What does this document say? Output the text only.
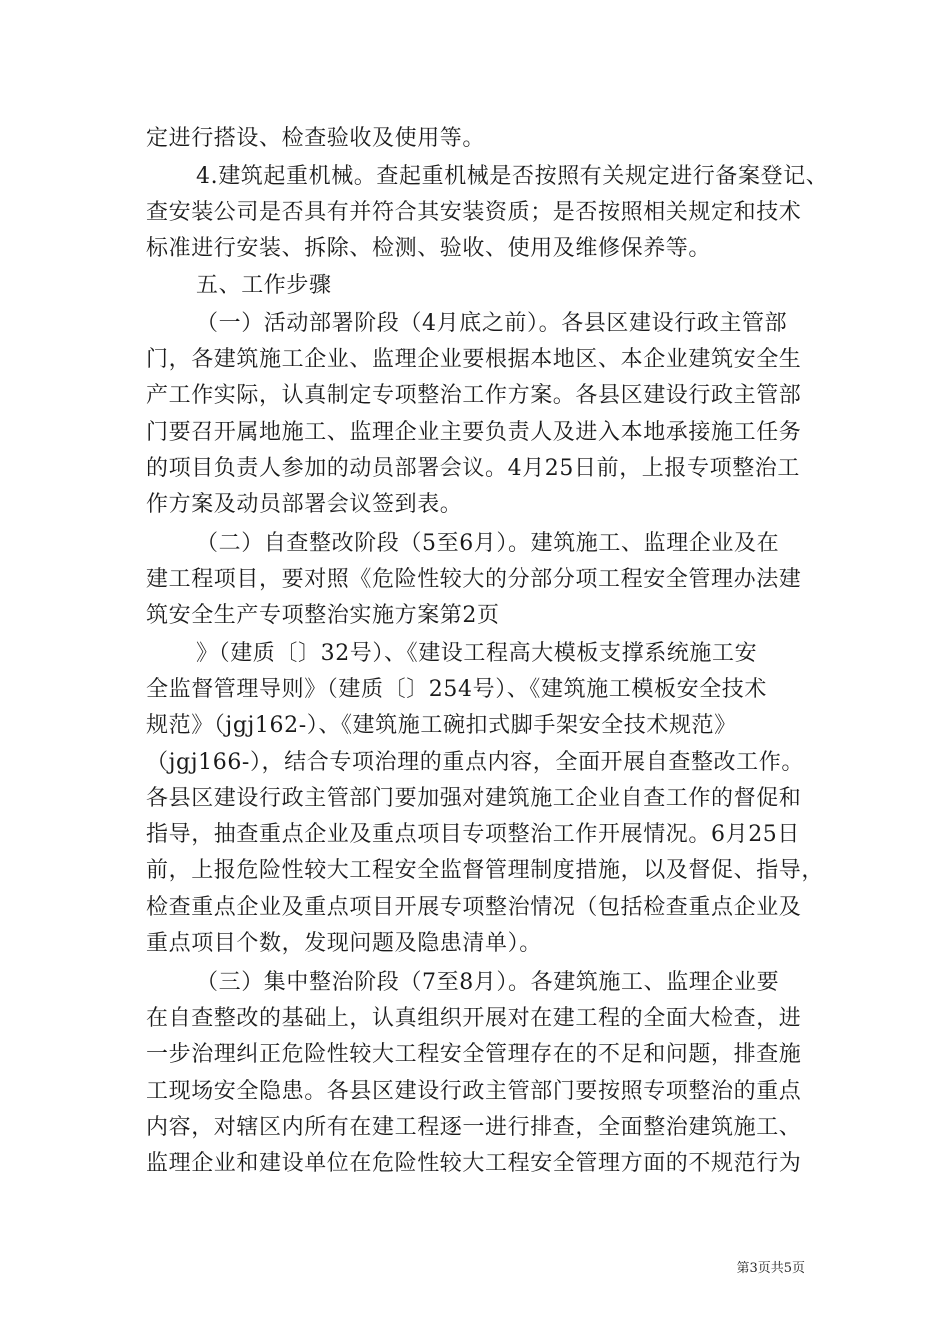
定进行搭设、检查验收及使用等。
4.建筑起重机械。查起重机械是否按照有关规定进行备案登记、
查安装公司是否具有并符合其安装资质；是否按照相关规定和技术
标准进行安装、拆除、检测、验收、使用及维修保养等。
五、工作步骤
（一）活动部署阶段（4月底之前）。各县区建设行政主管部
门，各建筑施工企业、监理企业要根据本地区、本企业建筑安全生
产工作实际，认真制定专项整治工作方案。各县区建设行政主管部
门要召开属地施工、监理企业主要负责人及进入本地承接施工任务
的项目负责人参加的动员部署会议。4月25日前，上报专项整治工
作方案及动员部署会议签到表。
（二）自查整改阶段（5至6月）。建筑施工、监理企业及在
建工程项目，要对照《危险性较大的分部分项工程安全管理办法建
筑安全生产专项整治实施方案第2页
》（建质〔〕32号）、《建设工程高大模板支撑系统施工安
全监督管理导则》（建质〔〕254号）、《建筑施工模板安全技术
规范》（jgj162-）、《建筑施工碗扣式脚手架安全技术规范》
（jgj166-），结合专项治理的重点内容，全面开展自查整改工作。
各县区建设行政主管部门要加强对建筑施工企业自查工作的督促和
指导，抽查重点企业及重点项目专项整治工作开展情况。6月25日
前，上报危险性较大工程安全监督管理制度措施，以及督促、指导，
检查重点企业及重点项目开展专项整治情况（包括检查重点企业及
重点项目个数，发现问题及隐患清单）。
（三）集中整治阶段（7至8月）。各建筑施工、监理企业要
在自查整改的基础上，认真组织开展对在建工程的全面大检查，进
一步治理纠正危险性较大工程安全管理存在的不足和问题，排查施
工现场安全隐患。各县区建设行政主管部门要按照专项整治的重点
内容，对辖区内所有在建工程逐一进行排查，全面整治建筑施工、
监理企业和建设单位在危险性较大工程安全管理方面的不规范行为
第3页共5页
